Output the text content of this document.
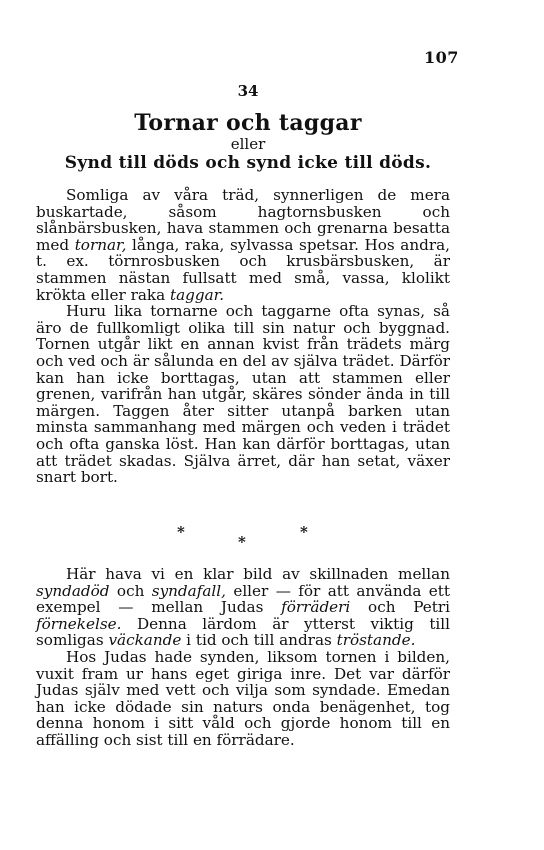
107
34
Tornar och taggar
eller
Synd till döds och synd icke till döds.

Somliga av våra träd, synnerligen de mera buskartade, såsom hagtornsbusken och slånbärsbusken, hava stammen och grenarna besatta med tornar, långa, raka, sylvassa spetsar. Hos andra, t. ex. törnrosbusken och krusbärsbusken, är stammen nästan fullsatt med små, vassa, klolikt krökta eller raka taggar.

Huru lika tornarne och taggarne ofta synas, så äro de fullkomligt olika till sin natur och byggnad. Tornen utgår likt en annan kvist från trädets märg och ved och är sålunda en del av själva trädet. Därför kan han icke borttagas, utan att stammen eller grenen, varifrån han utgår, skäres sönder ända in till märgen. Taggen åter sitter utanpå barken utan minsta sammanhang med märgen och veden i trädet och ofta ganska löst. Han kan därför borttagas, utan att trädet skadas. Själva ärret, där han setat, växer snart bort.

*	*
*

Här hava vi en klar bild av skillnaden mellan syndadöd och syndafall, eller — för att använda ett exempel — mellan Judas förräderi och Petri förnekelse. Denna lärdom är ytterst viktig till somligas väckande i tid och till andras tröstande.

Hos Judas hade synden, liksom tornen i bilden, vuxit fram ur hans eget giriga inre. Det var därför Judas själv med vett och vilja som syndade. Emedan han icke dödade sin naturs onda benägenhet, tog denna honom i sitt våld och gjorde honom till en affälling och sist till en förrädare.
